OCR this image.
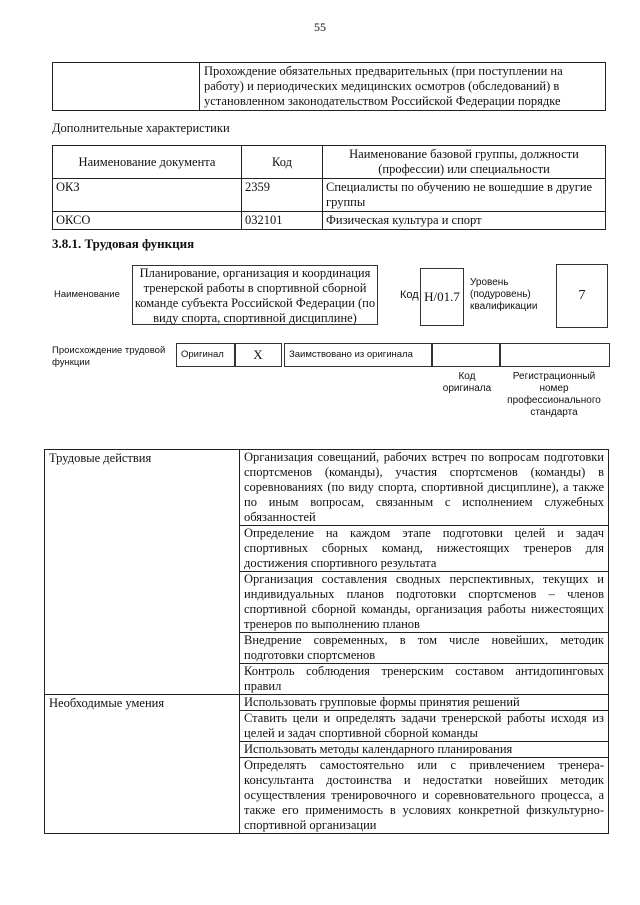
55
	Прохождение обязательных предварительных (при поступлении на работу) и периодических медицинских осмотров (обследований) в установленном законодательством Российской Федерации порядке
Дополнительные характеристики
Наименование документа	Код	Наименование базовой группы, должности (профессии) или специальности
ОКЗ	2359	Специалисты по обучению не вошедшие в другие группы
ОКСО	032101	Физическая культура и спорт
3.8.1. Трудовая функция
Наименование
Планирование, организация и координация тренерской работы в спортивной сборной команде субъекта Российской Федерации (по виду спорта, спортивной дисциплине)
Код H/01.7
Уровень (подуровень) квалификации
7
Происхождение трудовой функции
Оригинал	X	Заимствовано из оригинала
Код оригинала
Регистрационный номер профессионального стандарта
Трудовые действия	Организация совещаний, рабочих встреч по вопросам подготовки спортсменов (команды), участия спортсменов (команды) в соревнованиях (по виду спорта, спортивной дисциплине), а также по иным вопросам, связанным с исполнением служебных обязанностей
	Определение на каждом этапе подготовки целей и задач спортивных сборных команд, нижестоящих тренеров для достижения спортивного результата
	Организация составления сводных перспективных, текущих и индивидуальных планов подготовки спортсменов – членов спортивной сборной команды, организация работы нижестоящих тренеров по выполнению планов
	Внедрение современных, в том числе новейших, методик подготовки спортсменов
	Контроль соблюдения тренерским составом антидопинговых правил
Необходимые умения	Использовать групповые формы принятия решений
	Ставить цели и определять задачи тренерской работы исходя из целей и задач спортивной сборной команды
	Использовать методы календарного планирования
	Определять самостоятельно или с привлечением тренера-консультанта достоинства и недостатки новейших методик осуществления тренировочного и соревновательного процесса, а также его применимость в условиях конкретной физкультурно-спортивной организации
